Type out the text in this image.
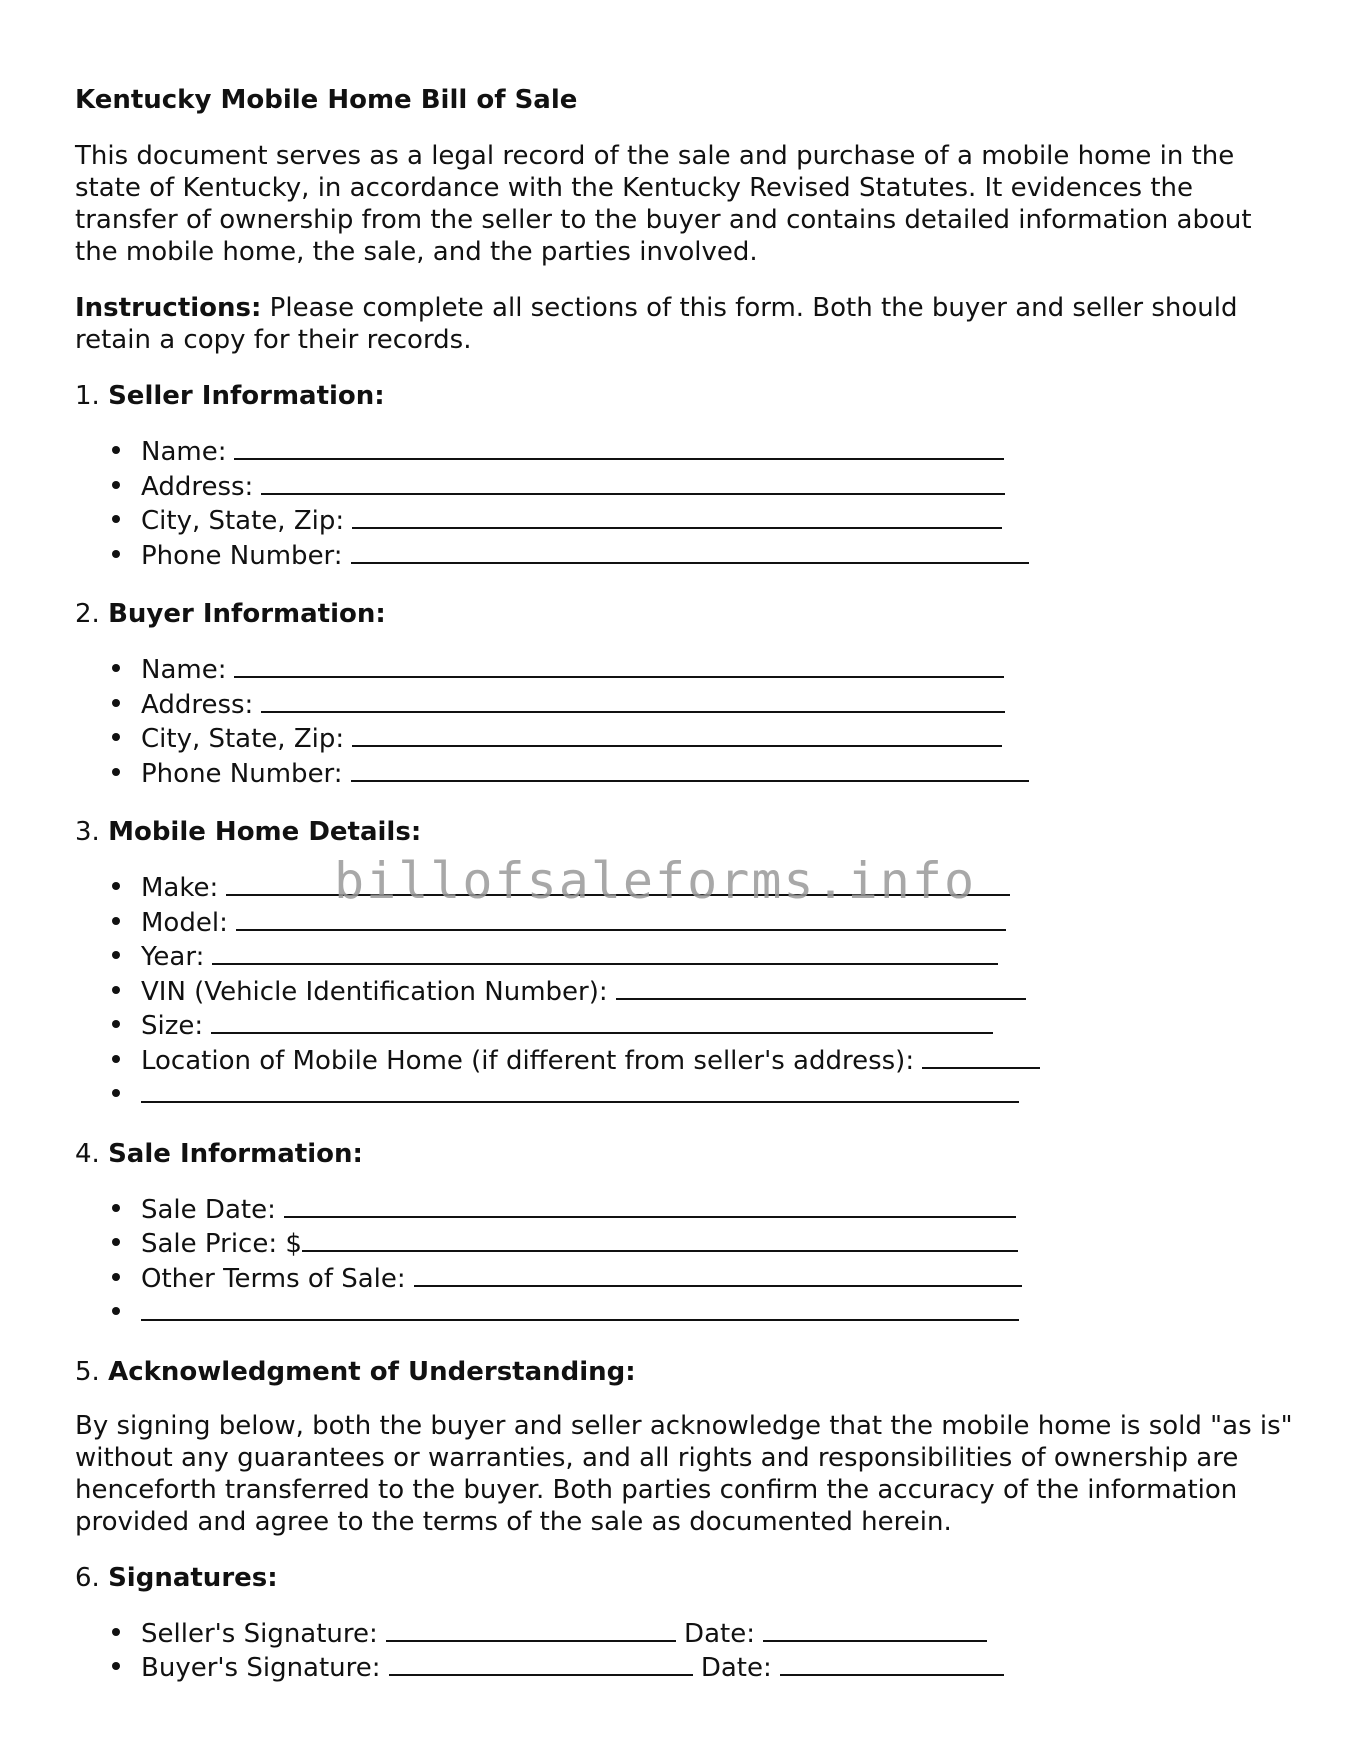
Kentucky Mobile Home Bill of Sale

This document serves as a legal record of the sale and purchase of a mobile home in the state of Kentucky, in accordance with the Kentucky Revised Statutes. It evidences the transfer of ownership from the seller to the buyer and contains detailed information about the mobile home, the sale, and the parties involved.

Instructions: Please complete all sections of this form. Both the buyer and seller should retain a copy for their records.

1. Seller Information:
Name:
Address:
City, State, Zip:
Phone Number:
2. Buyer Information:
Name:
Address:
City, State, Zip:
Phone Number:
3. Mobile Home Details:
Make:
Model:
Year:
VIN (Vehicle Identification Number):
Size:
Location of Mobile Home (if different from seller's address):
4. Sale Information:
Sale Date:
Sale Price: $
Other Terms of Sale:
5. Acknowledgment of Understanding:

By signing below, both the buyer and seller acknowledge that the mobile home is sold "as is" without any guarantees or warranties, and all rights and responsibilities of ownership are henceforth transferred to the buyer. Both parties confirm the accuracy of the information provided and agree to the terms of the sale as documented herein.

6. Signatures:
Seller's Signature:	Date:
Buyer's Signature:	Date:
billofsaleforms.info
